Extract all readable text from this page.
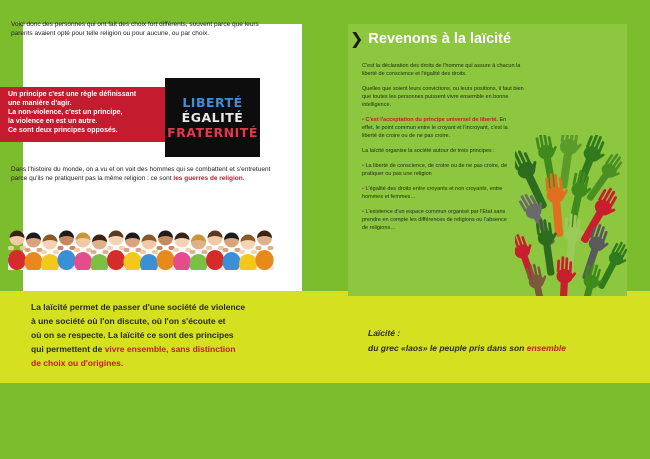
Voici donc des personnes qui ont fait des choix fort différents, souvent parce que leurs parents avaient opté pour telle religion ou pour aucune, ou par choix.

Un principe c'est une règle définissant
une manière d'agir.
La non-violence, c'est un principe,
la violence en est un autre.
Ce sont deux principes opposés.
LIBERTÉ
ÉGALITÉ
FRATERNITÉ

Dans l'histoire du monde, on a vu et on voit des hommes qui se combattent et s'entretuent parce qu'ils ne pratiquent pas la même religion : ce sont les guerres de religion.

La laïcité permet de passer d'une société de violence
à une société où l'on discute, où l'on s'écoute et
où on se respecte. La laïcité ce sont des principes
qui permettent de vivre ensemble, sans distinction
de choix ou d'origines.
Laïcité :
du grec «laos» le peuple pris dans son ensemble
❯ Revenons à la laïcité

C'est la déclaration des droits de l'homme qui assure à chacun la liberté de conscience et l'égalité des droits.

Quelles que soient leurs convictions, ou leurs positions, il faut bien que toutes les personnes puissent vivre ensemble en bonne intelligence.

• C'est l'acceptation du principe universel de liberté. En effet, le point commun entre le croyant et l'incroyant, c'est la liberté de croire ou de ne pas croire.

La laïcité organise la société autour de trois principes :

• La liberté de conscience, de croire ou de ne pas croire, de pratiquer ou pas une religion

• L'égalité des droits entre croyants et non croyants, entre hommes et femmes…

• L'existence d'un espace commun organisé par l'Etat sans prendre en compte les différences de religions ou l'absence de religions…
